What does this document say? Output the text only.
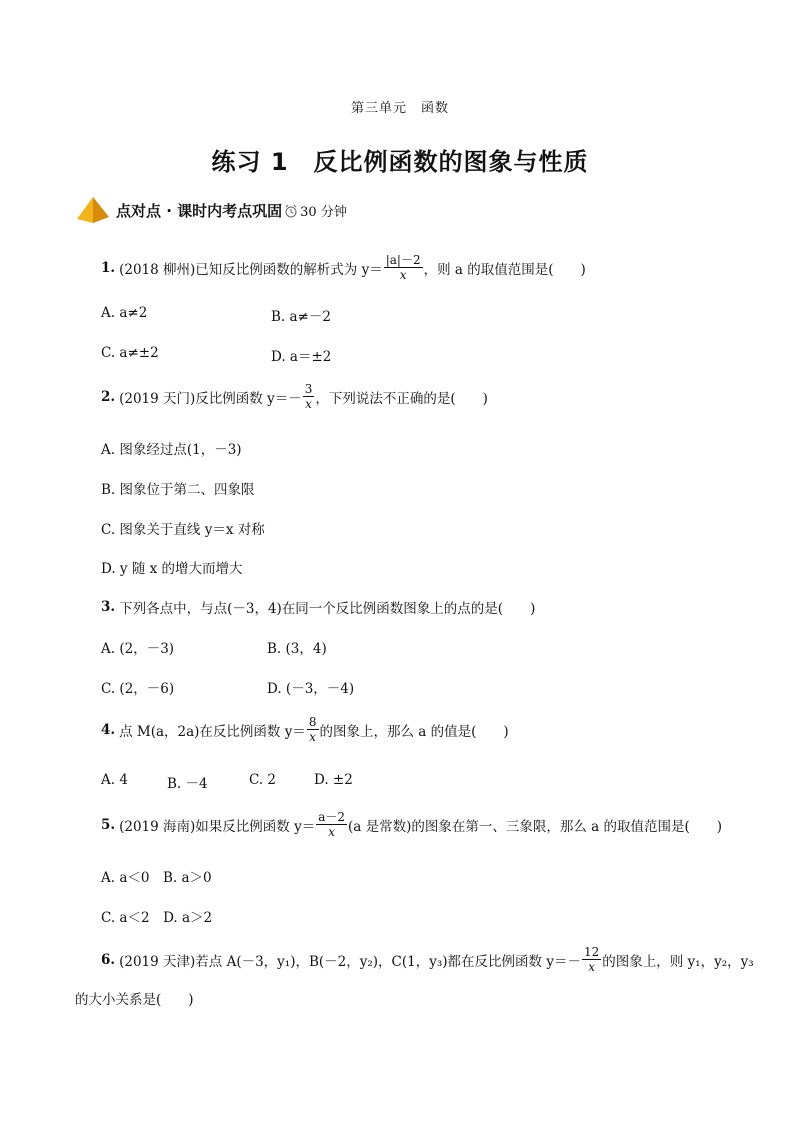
第三单元　函数
练习 1　反比例函数的图象与性质
点对点 · 课时内考点巩固 30 分钟
1. (2018 柳州)已知反比例函数的解析式为 $y= \frac{|a|-2}{x}$ ，则 a 的取值范围是(　　)
A. a≠2	B. a≠－2
C. a≠±2	D. a＝±2
2. (2019 天门)反比例函数 $y=- \frac{3}{x}$ ，下列说法不正确的是(　　)
A. 图象经过点(1，－3)
B. 图象位于第二、四象限
C. 图象关于直线 y＝x 对称
D. y 随 x 的增大而增大
3. 下列各点中，与点(－3，4)在同一个反比例函数图象上的点的是(　　)
A. (2，－3)	B. (3，4)
C. (2，－6)	D. (－3，－4)
4. 点 M(a，2a)在反比例函数 $y= \frac{8}{x}$ 的图象上，那么 a 的值是(　　)
A. 4	B. －4	C. 2	D. ±2
5. (2019 海南)如果反比例函数 $y= \frac{a-2}{x} (a$ 是常数)的图象在第一、三象限，那么 a 的取值范围是(　　)
A. a＜0　B. a＞0
C. a＜2　D. a＞2
6. (2019 天津)若点 A(－3，y₁)，B(－2，y₂)，C(1，y₃)都在反比例函数 $y=- \frac{12}{x}$ 的图象上，则 y₁，y₂，y₃
的大小关系是(　　)
